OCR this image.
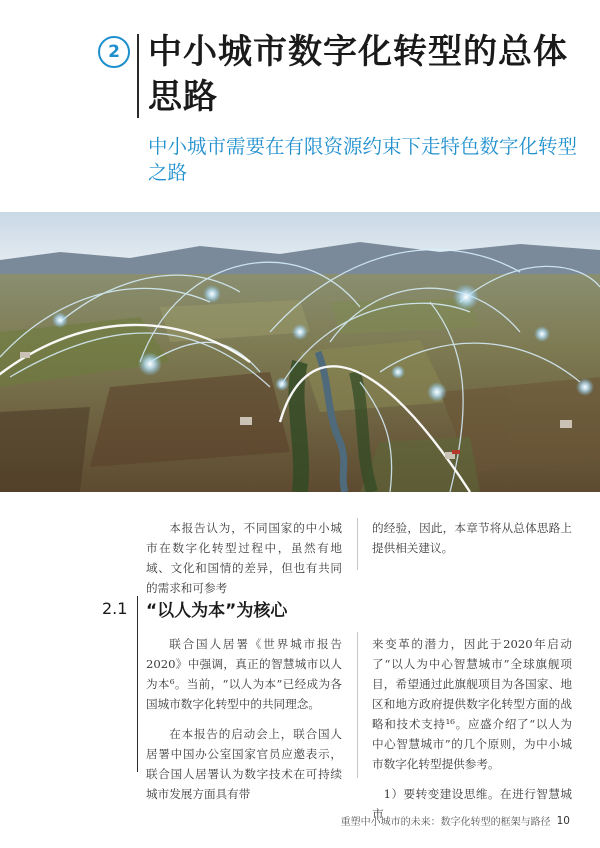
2 中小城市数字化转型的总体思路
中小城市需要在有限资源约束下走特色数字化转型之路
本报告认为，不同国家的中小城市在数字化转型过程中，虽然有地域、文化和国情的差异，但也有共同的需求和可参考
的经验，因此，本章节将从总体思路上提供相关建议。
2.1 “以人为本”为核心

联合国人居署《世界城市报告2020》中强调，真正的智慧城市以人为本⁶。当前，“以人为本”已经成为各国城市数字化转型中的共同理念。

在本报告的启动会上，联合国人居署中国办公室国家官员应邀表示，联合国人居署认为数字技术在可持续城市发展方面具有带

来变革的潜力，因此于2020年启动了“以人为中心智慧城市”全球旗舰项目，希望通过此旗舰项目为各国家、地区和地方政府提供数字化转型方面的战略和技术支持¹⁶。应盛介绍了“以人为中心智慧城市”的几个原则，为中小城市数字化转型提供参考。

1）要转变建设思维。在进行智慧城市

重塑中小城市的未来：数字化转型的框架与路径 10
